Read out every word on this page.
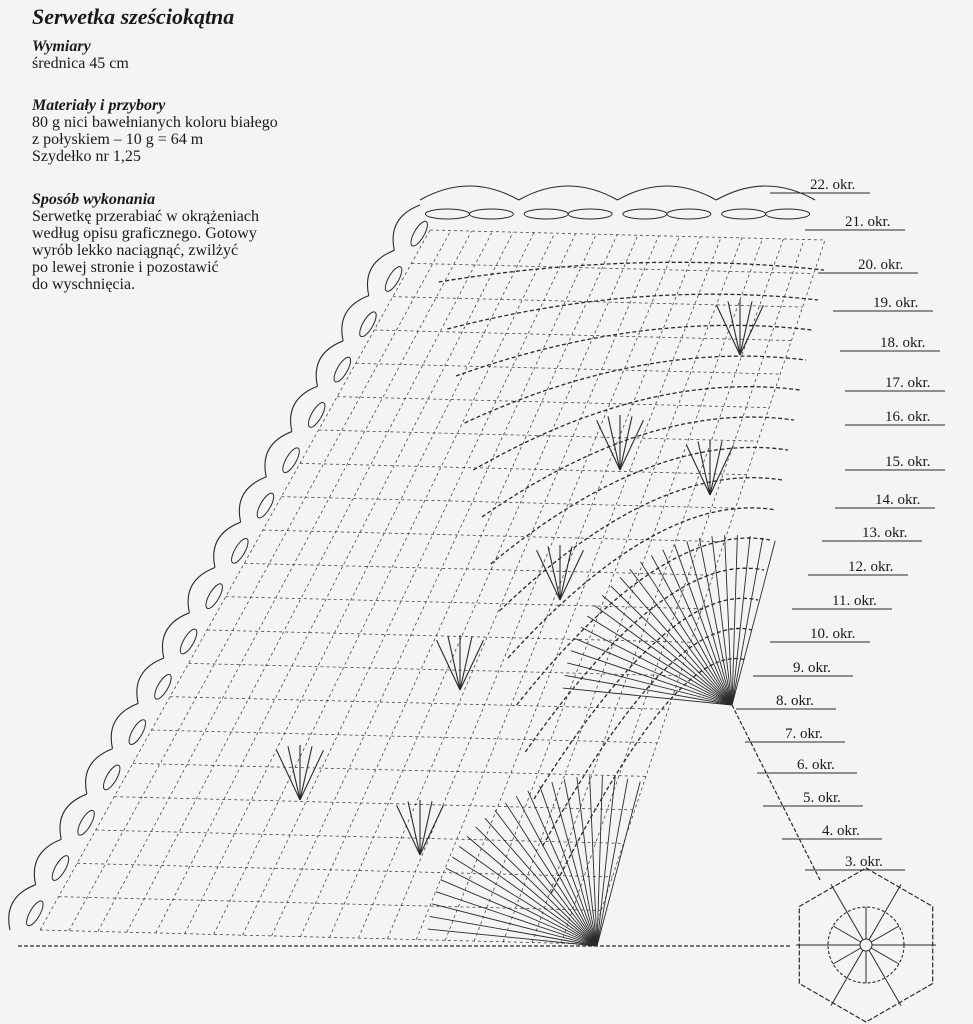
Serwetka sześciokątna
Wymiary
średnica 45 cm
Materiały i przybory
80 g nici bawełnianych koloru białego
z połyskiem – 10 g = 64 m
Szydełko nr 1,25
Sposób wykonania
Serwetkę przerabiać w okrążeniach
według opisu graficznego. Gotowy
wyrób lekko naciągnąć, zwilżyć
po lewej stronie i pozostawić
do wyschnięcia.
22. okr.
21. okr.
20. okr.
19. okr.
18. okr.
17. okr.
16. okr.
15. okr.
14. okr.
13. okr.
12. okr.
11. okr.
10. okr.
9. okr.
8. okr.
7. okr.
6. okr.
5. okr.
4. okr.
3. okr.
